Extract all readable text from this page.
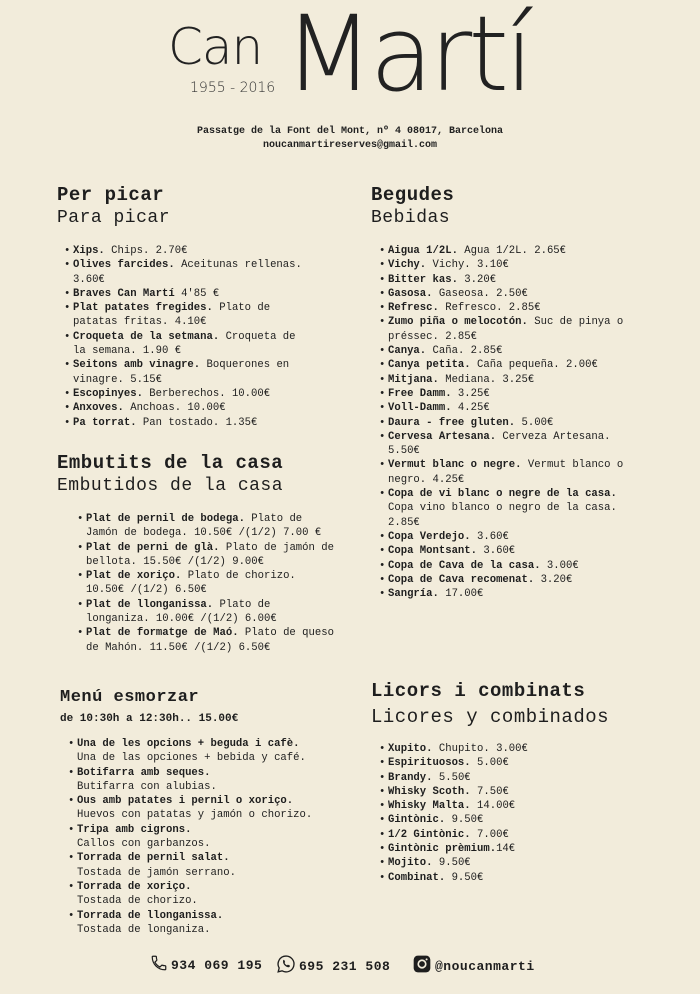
Can Martí
1955 - 2016
Passatge de la Font del Mont, nº 4 08017, Barcelona
noucanmartireserves@gmail.com
Per picar
Para picar
• Xips. Chips. 2.70€
• Olives farcides. Aceitunas rellenas. 3.60€
• Braves Can Martí 4'85 €
• Plat patates fregides. Plato de patatas fritas. 4.10€
• Croqueta de la setmana. Croqueta de la semana. 1.90 €
• Seitons amb vinagre. Boquerones en vinagre. 5.15€
• Escopinyes. Berberechos. 10.00€
• Anxoves. Anchoas. 10.00€
• Pa torrat. Pan tostado. 1.35€
Embutits de la casa
Embutidos de la casa
• Plat de pernil de bodega. Plato de Jamón de bodega. 10.50€ /(1/2) 7.00 €
• Plat de perni de glà. Plato de jamón de bellota. 15.50€ /(1/2) 9.00€
• Plat de xoriço. Plato de chorizo. 10.50€ /(1/2) 6.50€
• Plat de llonganissa. Plato de longaniza. 10.00€ /(1/2) 6.00€
• Plat de formatge de Maó. Plato de queso de Mahón. 11.50€ /(1/2) 6.50€
Menú esmorzar

de 10:30h a 12:30h.. 15.00€

• Una de les opcions + beguda i cafè.
Una de las opciones + bebida y café.
• Botifarra amb seques.
Butifarra con alubias.
• Ous amb patates i pernil o xoriço.
Huevos con patatas y jamón o chorizo.
• Tripa amb cigrons.
Callos con garbanzos.
• Torrada de pernil salat.
Tostada de jamón serrano.
• Torrada de xoriço.
Tostada de chorizo.
• Torrada de llonganissa.
Tostada de longaniza.
Begudes
Bebidas
• Aigua 1/2L. Agua 1/2L. 2.65€
• Vichy. Vichy. 3.10€
• Bitter kas. 3.20€
• Gasosa. Gaseosa. 2.50€
• Refresc. Refresco. 2.85€
• Zumo piña o melocotón. Suc de pinya o préssec. 2.85€
• Canya. Caña. 2.85€
• Canya petita. Caña pequeña. 2.00€
• Mitjana. Mediana. 3.25€
• Free Damm. 3.25€
• Voll-Damm. 4.25€
• Daura - free gluten. 5.00€
• Cervesa Artesana. Cerveza Artesana. 5.50€
• Vermut blanc o negre. Vermut blanco o negro. 4.25€
• Copa de vi blanc o negre de la casa. Copa vino blanco o negro de la casa. 2.85€
• Copa Verdejo. 3.60€
• Copa Montsant. 3.60€
• Copa de Cava de la casa. 3.00€
• Copa de Cava recomenat. 3.20€
• Sangría. 17.00€
Licors i combinats
Licores y combinados
• Xupito. Chupito. 3.00€
• Espirituosos. 5.00€
• Brandy. 5.50€
• Whisky Scoth. 7.50€
• Whisky Malta. 14.00€
• Gintònic. 9.50€
• 1/2 Gintònic. 7.00€
• Gintònic prèmium.14€
• Mojito. 9.50€
• Combinat. 9.50€
934 069 195	695 231 508	@noucanmarti
